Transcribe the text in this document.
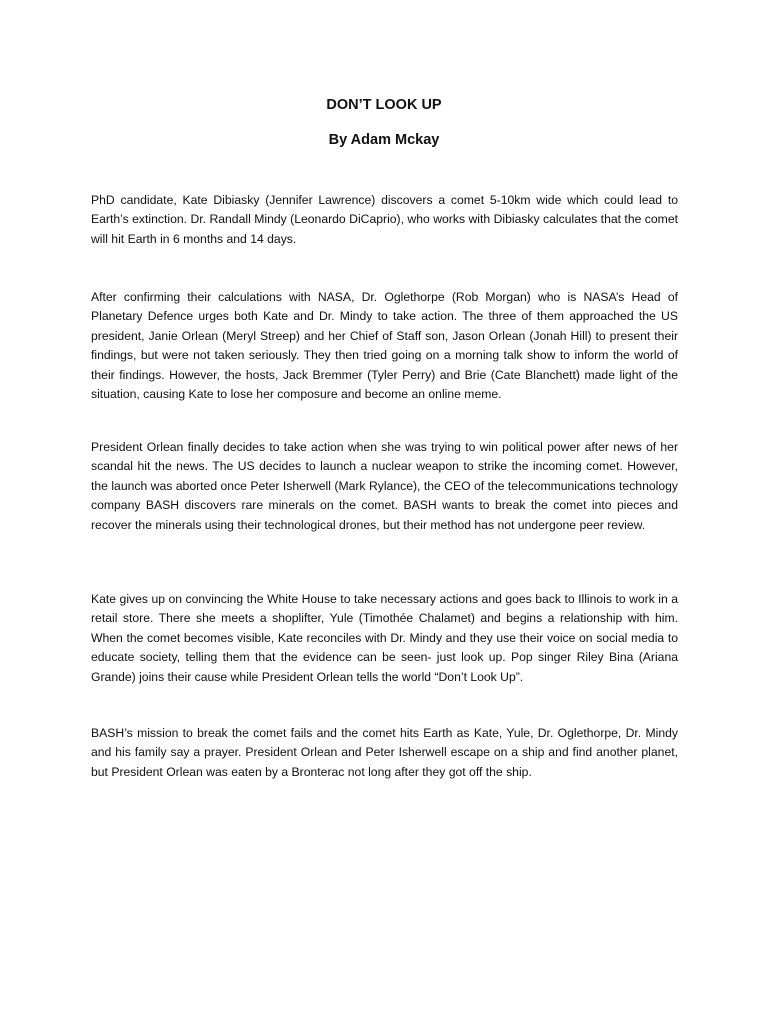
DON’T LOOK UP
By Adam Mckay

PhD candidate, Kate Dibiasky (Jennifer Lawrence) discovers a comet 5-10km wide which could lead to Earth’s extinction. Dr. Randall Mindy (Leonardo DiCaprio), who works with Dibiasky calculates that the comet will hit Earth in 6 months and 14 days.

After confirming their calculations with NASA, Dr. Oglethorpe (Rob Morgan) who is NASA’s Head of Planetary Defence urges both Kate and Dr. Mindy to take action. The three of them approached the US president, Janie Orlean (Meryl Streep) and her Chief of Staff son, Jason Orlean (Jonah Hill) to present their findings, but were not taken seriously. They then tried going on a morning talk show to inform the world of their findings. However, the hosts, Jack Bremmer (Tyler Perry) and Brie (Cate Blanchett) made light of the situation, causing Kate to lose her composure and become an online meme.

President Orlean finally decides to take action when she was trying to win political power after news of her scandal hit the news. The US decides to launch a nuclear weapon to strike the incoming comet. However, the launch was aborted once Peter Isherwell (Mark Rylance), the CEO of the telecommunications technology company BASH discovers rare minerals on the comet. BASH wants to break the comet into pieces and recover the minerals using their technological drones, but their method has not undergone peer review.

Kate gives up on convincing the White House to take necessary actions and goes back to Illinois to work in a retail store. There she meets a shoplifter, Yule (Timothée Chalamet) and begins a relationship with him. When the comet becomes visible, Kate reconciles with Dr. Mindy and they use their voice on social media to educate society, telling them that the evidence can be seen- just look up. Pop singer Riley Bina (Ariana Grande) joins their cause while President Orlean tells the world “Don’t Look Up”.

BASH’s mission to break the comet fails and the comet hits Earth as Kate, Yule, Dr. Oglethorpe, Dr. Mindy and his family say a prayer. President Orlean and Peter Isherwell escape on a ship and find another planet, but President Orlean was eaten by a Bronterac not long after they got off the ship.
